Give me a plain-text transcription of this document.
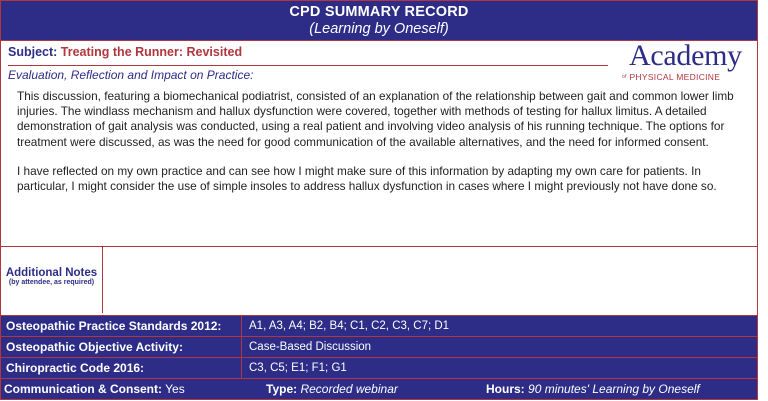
CPD SUMMARY RECORD
(Learning by Oneself)
Subject: Treating the Runner: Revisited
Evaluation, Reflection and Impact on Practice:
Academy
$^{of}$ PHYSICAL MEDICINE

This discussion, featuring a biomechanical podiatrist, consisted of an explanation of the relationship between gait and common lower limb injuries. The windlass mechanism and hallux dysfunction were covered, together with methods of testing for hallux limitus. A detailed demonstration of gait analysis was conducted, using a real patient and involving video analysis of his running technique. The options for treatment were discussed, as was the need for good communication of the available alternatives, and the need for informed consent.

I have reflected on my own practice and can see how I might make sure of this information by adapting my own care for patients. In particular, I might consider the use of simple insoles to address hallux dysfunction in cases where I might previously not have done so.

Additional Notes
(by attendee, as required)
Osteopathic Practice Standards 2012: A1, A3, A4; B2, B4; C1, C2, C3, C7; D1
Osteopathic Objective Activity:	Case-Based Discussion
Chiropractic Code 2016:	C3, C5; E1; F1; G1
Communication & Consent: Yes	Type: Recorded webinar	Hours: 90 minutes' Learning by Oneself
